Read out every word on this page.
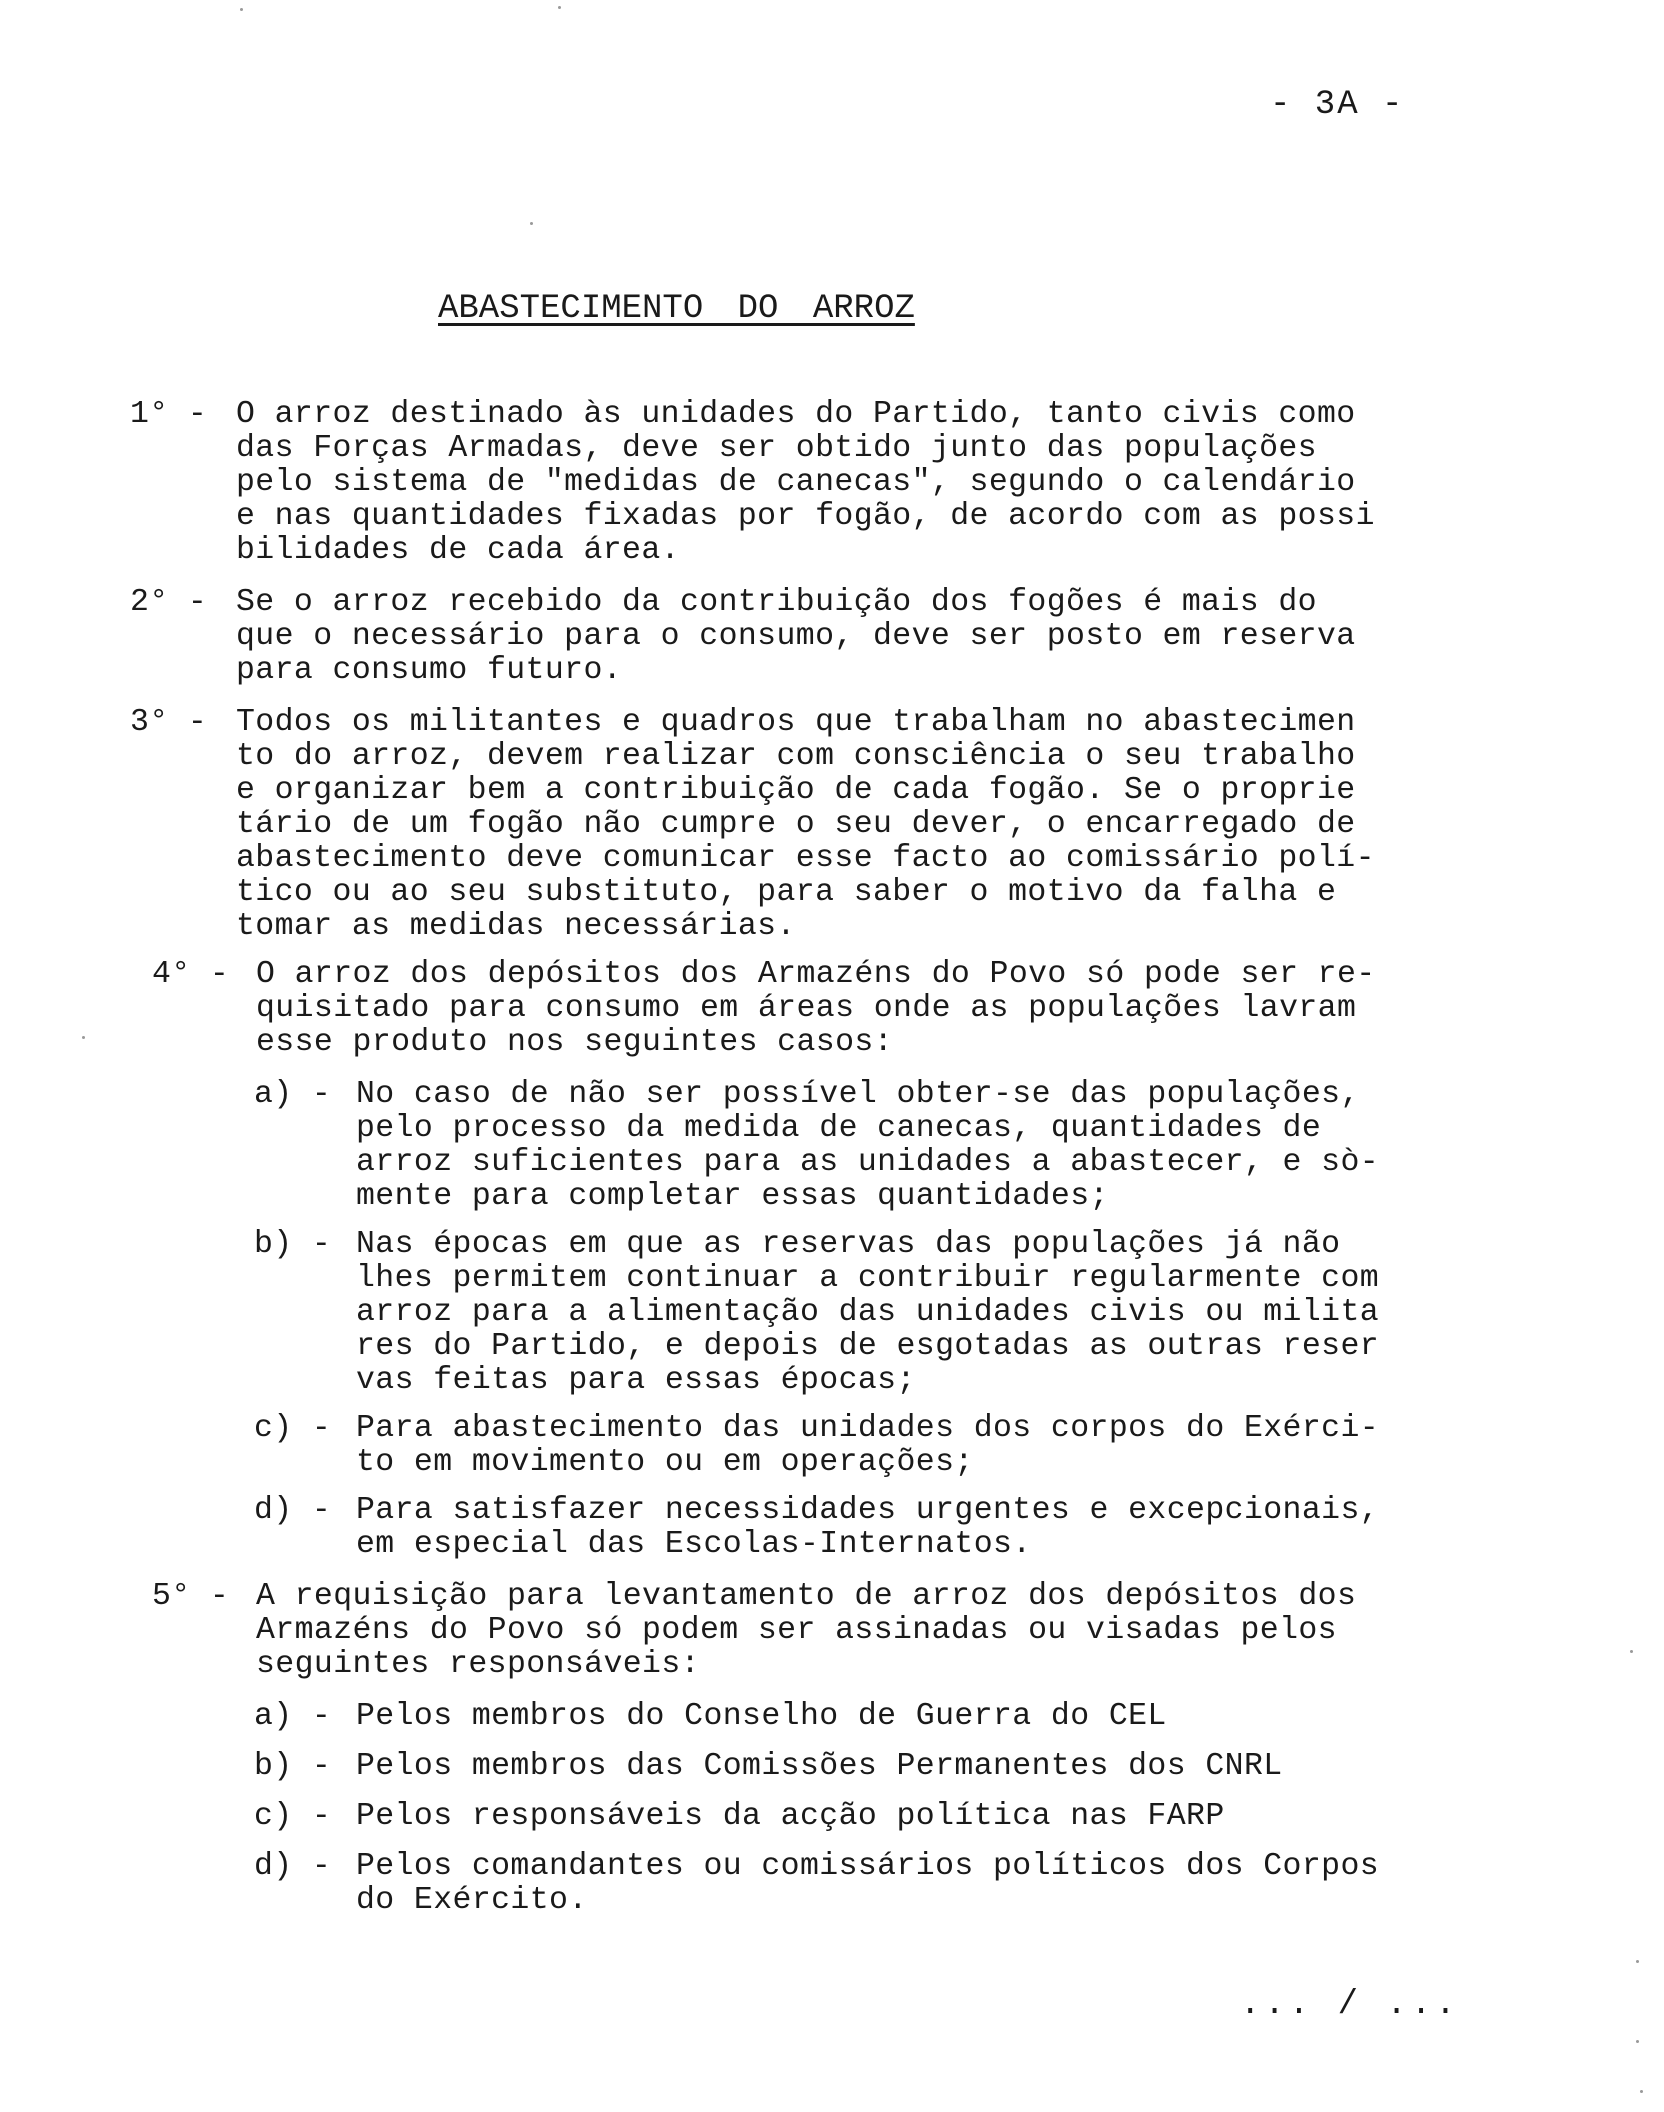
- 3A -
ABASTECIMENTO DO ARROZ
1° - O arroz destinado às unidades do Partido, tanto civis como
das Forças Armadas, deve ser obtido junto das populações
pelo sistema de "medidas de canecas", segundo o calendário
e nas quantidades fixadas por fogão, de acordo com as possi
bilidades de cada área.
2° - Se o arroz recebido da contribuição dos fogões é mais do
que o necessário para o consumo, deve ser posto em reserva
para consumo futuro.
3° - Todos os militantes e quadros que trabalham no abastecimen
to do arroz, devem realizar com consciência o seu trabalho
e organizar bem a contribuição de cada fogão. Se o proprie
tário de um fogão não cumpre o seu dever, o encarregado de
abastecimento deve comunicar esse facto ao comissário polí-
tico ou ao seu substituto, para saber o motivo da falha e
tomar as medidas necessárias.
4° - O arroz dos depósitos dos Armazéns do Povo só pode ser re-
quisitado para consumo em áreas onde as populações lavram
esse produto nos seguintes casos:
a) - No caso de não ser possível obter-se das populações,
pelo processo da medida de canecas, quantidades de
arroz suficientes para as unidades a abastecer, e sò-
mente para completar essas quantidades;
b) - Nas épocas em que as reservas das populações já não
lhes permitem continuar a contribuir regularmente com
arroz para a alimentação das unidades civis ou milita
res do Partido, e depois de esgotadas as outras reser
vas feitas para essas épocas;
c) - Para abastecimento das unidades dos corpos do Exérci-
to em movimento ou em operações;
d) - Para satisfazer necessidades urgentes e excepcionais,
em especial das Escolas-Internatos.
5° - A requisição para levantamento de arroz dos depósitos dos
Armazéns do Povo só podem ser assinadas ou visadas pelos
seguintes responsáveis:
a) - Pelos membros do Conselho de Guerra do CEL
b) - Pelos membros das Comissões Permanentes dos CNRL
c) - Pelos responsáveis da acção política nas FARP
d) - Pelos comandantes ou comissários políticos dos Corpos
do Exército.
... / ...
